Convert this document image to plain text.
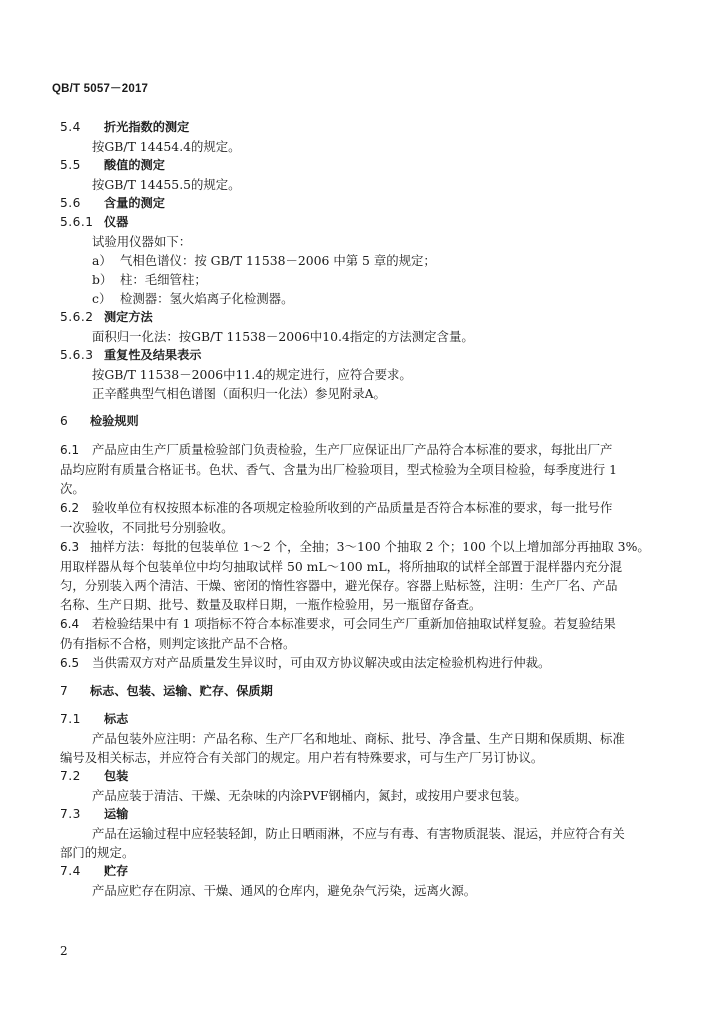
QB/T 5057－2017
5.4 折光指数的测定
按GB/T 14454.4的规定。
5.5 酸值的测定
按GB/T 14455.5的规定。
5.6 含量的测定
5.6.1 仪器
试验用仪器如下：
a） 气相色谱仪：按 GB/T 11538－2006 中第 5 章的规定；
b） 柱：毛细管柱；
c） 检测器：氢火焰离子化检测器。
5.6.2 测定方法
面积归一化法：按GB/T 11538－2006中10.4指定的方法测定含量。
5.6.3 重复性及结果表示
按GB/T 11538－2006中11.4的规定进行，应符合要求。
正辛醛典型气相色谱图（面积归一化法）参见附录A。
6 检验规则
6.1 产品应由生产厂质量检验部门负责检验，生产厂应保证出厂产品符合本标准的要求，每批出厂产
品均应附有质量合格证书。色状、香气、含量为出厂检验项目，型式检验为全项目检验，每季度进行 1
次。
6.2 验收单位有权按照本标准的各项规定检验所收到的产品质量是否符合本标准的要求，每一批号作
一次验收，不同批号分别验收。
6.3 抽样方法：每批的包装单位 1～2 个，全抽；3～100 个抽取 2 个；100 个以上增加部分再抽取 3%。
用取样器从每个包装单位中均匀抽取试样 50 mL～100 mL，将所抽取的试样全部置于混样器内充分混
匀，分别装入两个清洁、干燥、密闭的惰性容器中，避光保存。容器上贴标签，注明：生产厂名、产品
名称、生产日期、批号、数量及取样日期，一瓶作检验用，另一瓶留存备查。
6.4 若检验结果中有 1 项指标不符合本标准要求，可会同生产厂重新加倍抽取试样复验。若复验结果
仍有指标不合格，则判定该批产品不合格。
6.5 当供需双方对产品质量发生异议时，可由双方协议解决或由法定检验机构进行仲裁。
7 标志、包装、运输、贮存、保质期
7.1 标志
产品包装外应注明：产品名称、生产厂名和地址、商标、批号、净含量、生产日期和保质期、标准
编号及相关标志，并应符合有关部门的规定。用户若有特殊要求，可与生产厂另订协议。
7.2 包装
产品应装于清洁、干燥、无杂味的内涂PVF钢桶内，氮封，或按用户要求包装。
7.3 运输
产品在运输过程中应轻装轻卸，防止日晒雨淋，不应与有毒、有害物质混装、混运，并应符合有关
部门的规定。
7.4 贮存
产品应贮存在阴凉、干燥、通风的仓库内，避免杂气污染，远离火源。
2
